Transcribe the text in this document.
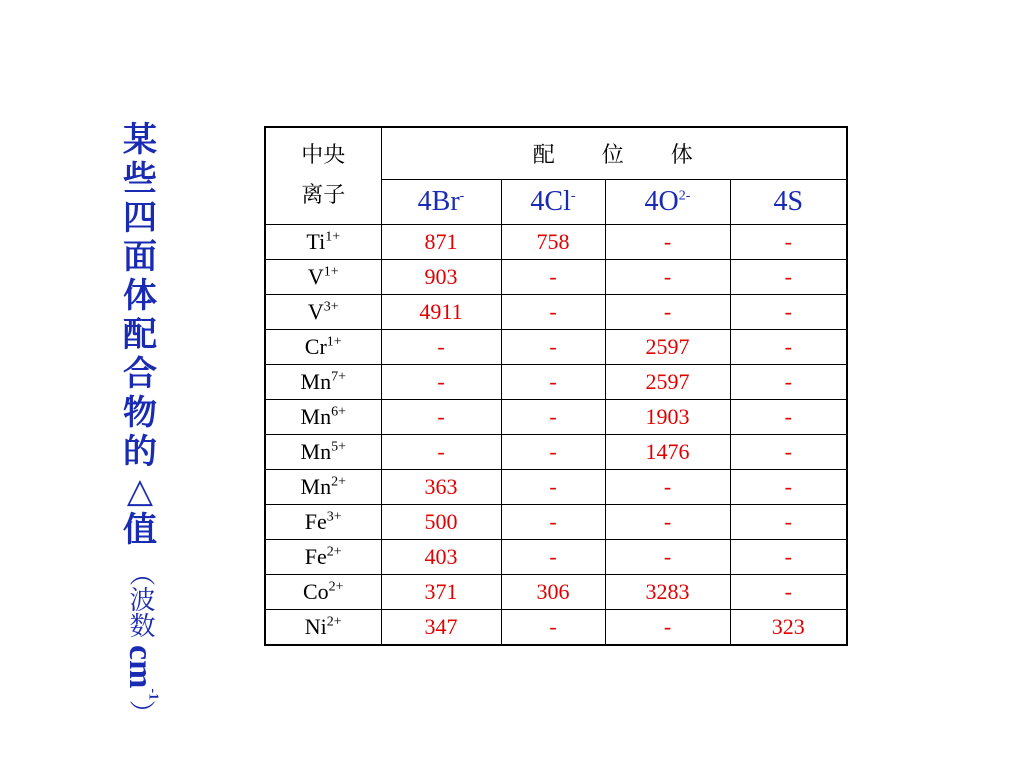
某
些
四
面
体
配
合
物
的
△
值
（波数
$cm^{-1}$
）
中央
离子	配 位 体			
	4Br-	4Cl-	$4O^{2-}$	4S
$Ti^{1+}$	871	758	-	-
$V^{1+}$	903	-	-	-
$V^{3+}$	4911	-	-	-
$Cr^{1+}$	-	-	2597	-
$Mn^{7+}$	-	-	2597	-
$Mn^{6+}$	-	-	1903	-
$Mn^{5+}$	-	-	1476	-
$Mn^{2+}$	363	-	-	-
$Fe^{3+}$	500	-	-	-
$Fe^{2+}$	403	-	-	-
$Co^{2+}$	371	306	3283	-
$Ni^{2+}$	347	-	-	323
